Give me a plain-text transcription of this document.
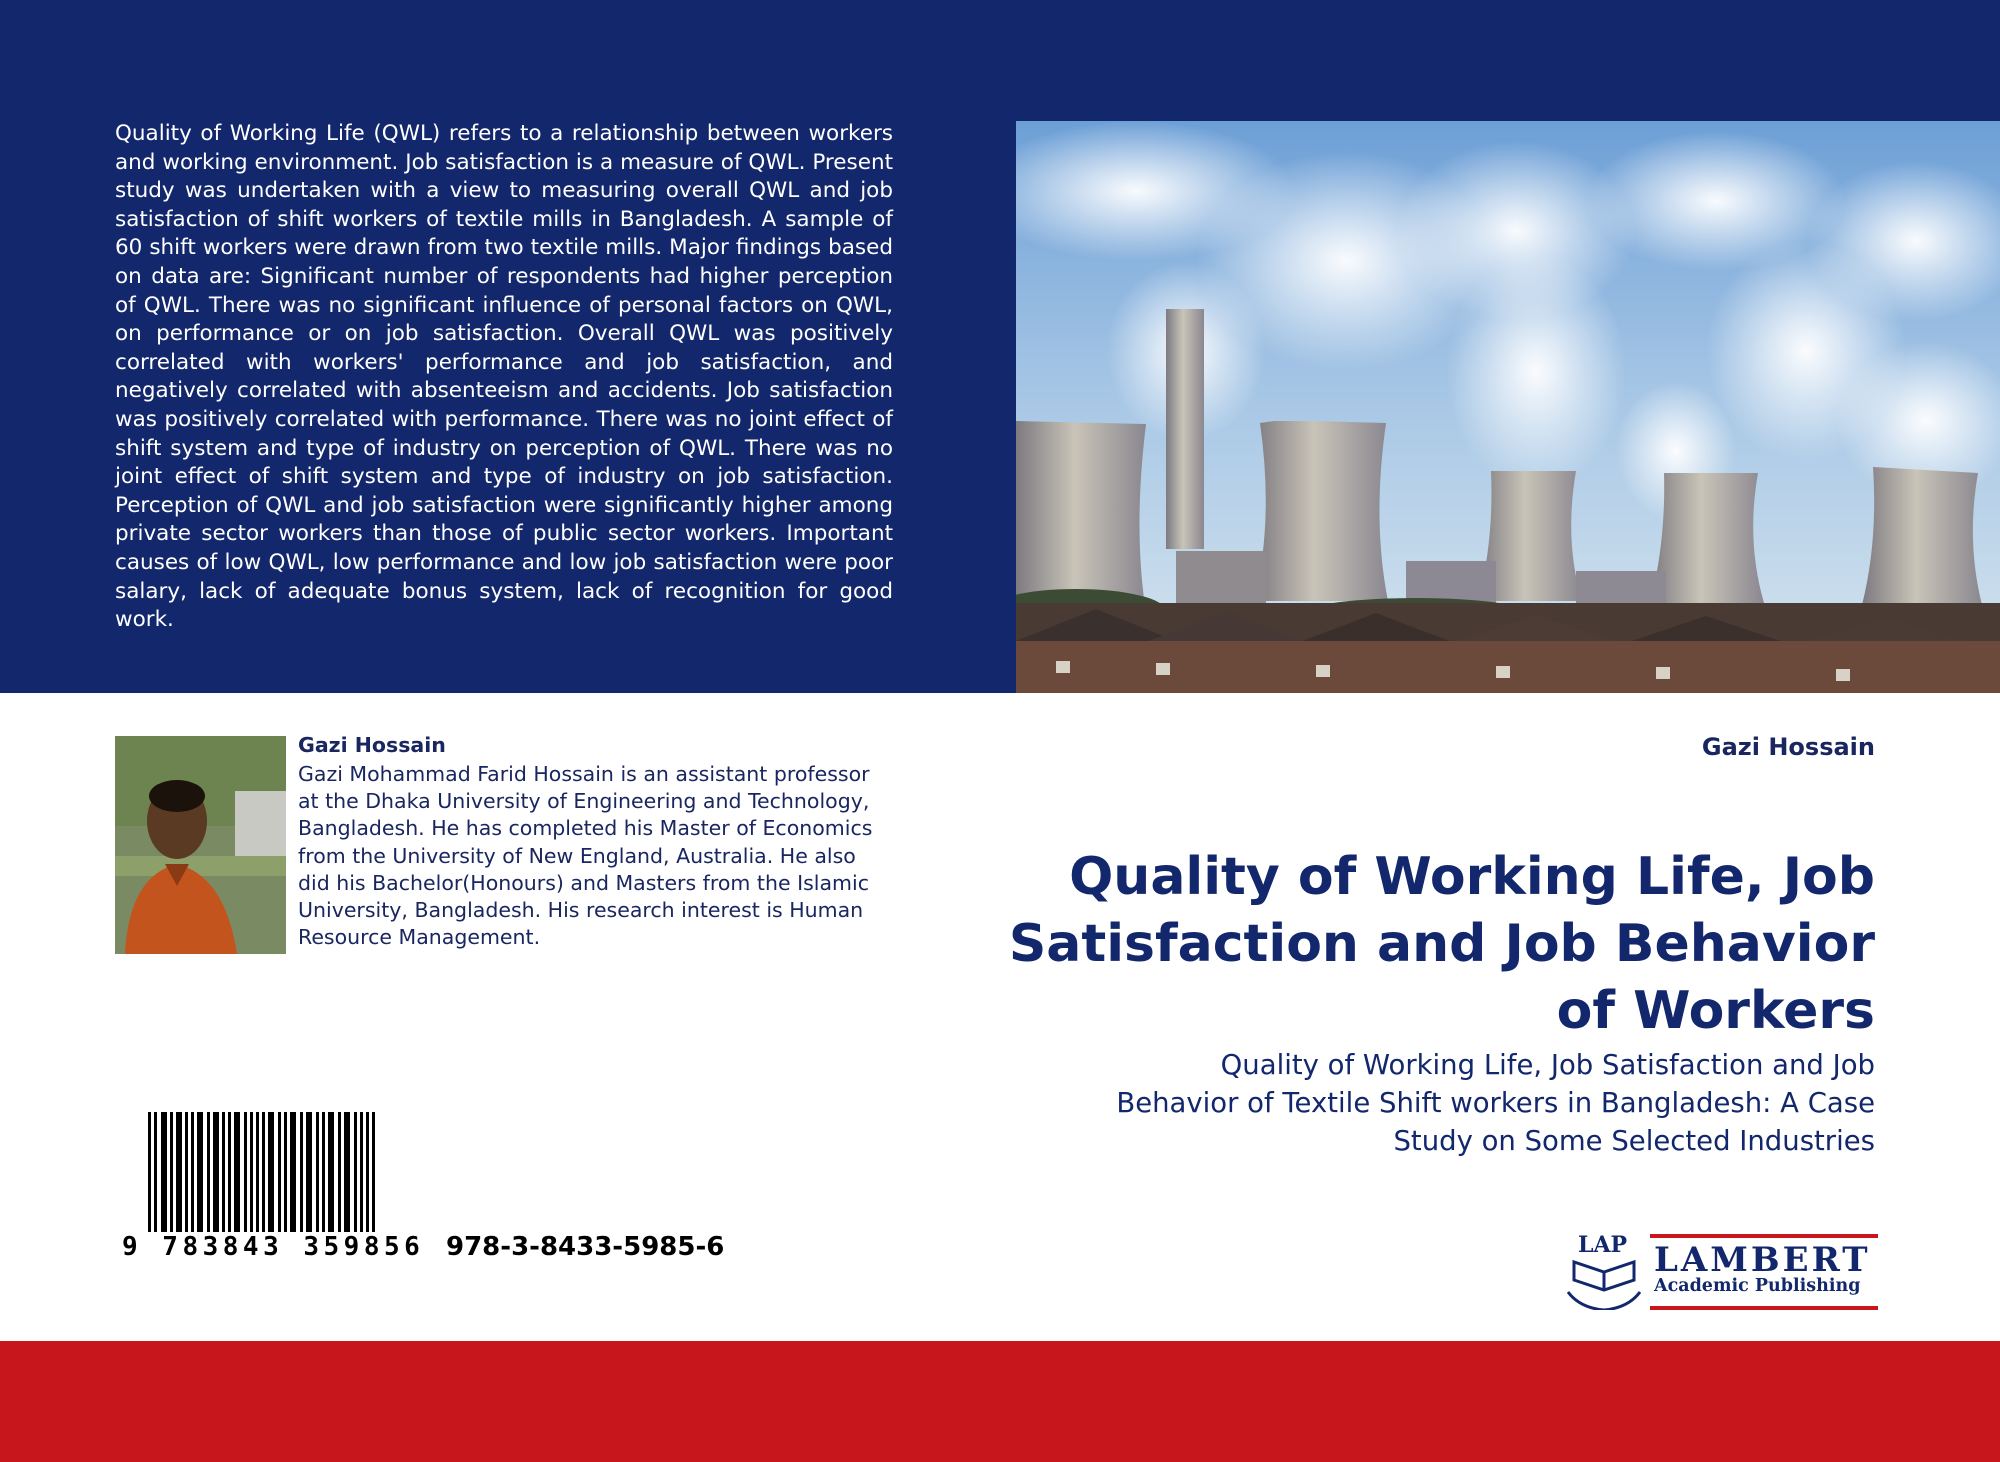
Quality of Working Life (QWL) refers to a relationship between workers and working environment. Job satisfaction is a measure of QWL. Present study was undertaken with a view to measuring overall QWL and job satisfaction of shift workers of textile mills in Bangladesh. A sample of 60 shift workers were drawn from two textile mills. Major findings based on data are: Significant number of respondents had higher perception of QWL. There was no significant influence of personal factors on QWL, on performance or on job satisfaction. Overall QWL was positively correlated with workers' performance and job satisfaction, and negatively correlated with absenteeism and accidents. Job satisfaction was positively correlated with performance. There was no joint effect of shift system and type of industry on perception of QWL. There was no joint effect of shift system and type of industry on job satisfaction. Perception of QWL and job satisfaction were significantly higher among private sector workers than those of public sector workers. Important causes of low QWL, low performance and low job satisfaction were poor salary, lack of adequate bonus system, lack of recognition for good work.

Gazi Hossain

Gazi Mohammad Farid Hossain is an assistant professor at the Dhaka University of Engineering and Technology, Bangladesh. He has completed his Master of Economics from the University of New England, Australia. He also did his Bachelor(Honours) and Masters from the Islamic University, Bangladesh. His research interest is Human Resource Management.

Gazi Hossain
Quality of Working Life, Job Satisfaction and Job Behavior of Workers

Quality of Working Life, Job Satisfaction and Job Behavior of Textile Shift workers in Bangladesh: A Case Study on Some Selected Industries

9 783843 359856 978-3-8433-5985-6	LAP LAMBERT
Academic Publishing
